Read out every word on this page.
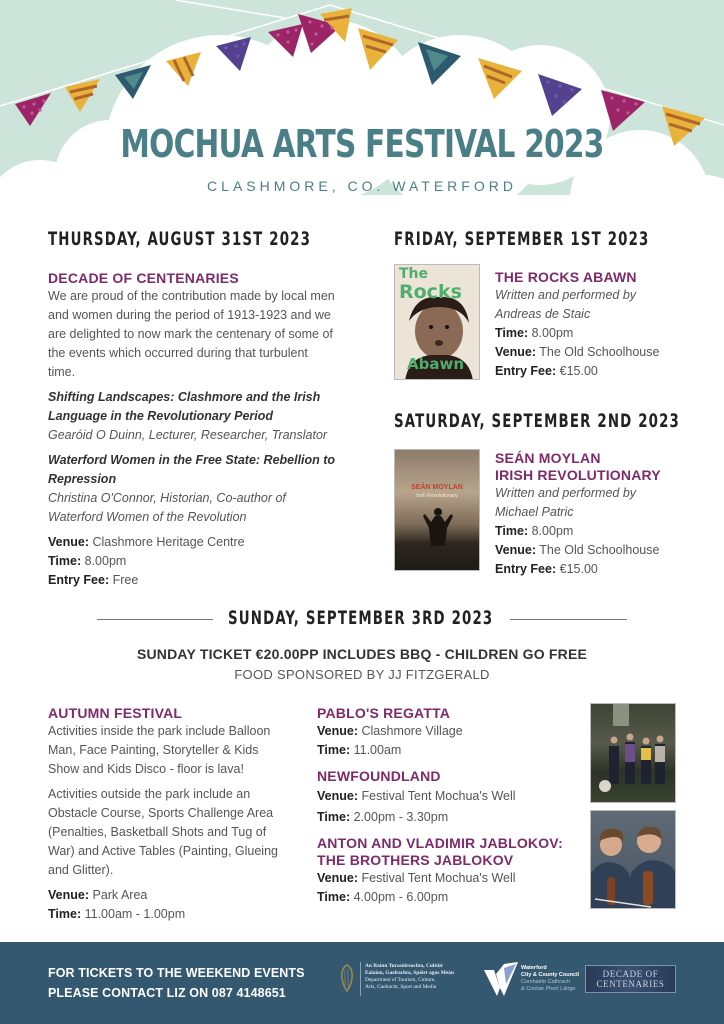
MOCHUA ARTS FESTIVAL 2023
CLASHMORE, CO. WATERFORD
THURSDAY, AUGUST 31ST 2023
DECADE OF CENTENARIES
We are proud of the contribution made by local men and women during the period of 1913-1923 and we are delighted to now mark the centenary of some of the events which occurred during that turbulent time.
Shifting Landscapes: Clashmore and the Irish Language in the Revolutionary Period
Gearóid O Duinn, Lecturer, Researcher, Translator
Waterford Women in the Free State: Rebellion to Repression
Christina O'Connor, Historian, Co-author of Waterford Women of the Revolution
Venue: Clashmore Heritage Centre
Time: 8.00pm
Entry Fee: Free
FRIDAY, SEPTEMBER 1ST 2023
The
Rocks
Abawn
THE ROCKS ABAWN
Written and performed by
Andreas de Staic
Time: 8.00pm
Venue: The Old Schoolhouse
Entry Fee: €15.00
SATURDAY, SEPTEMBER 2ND 2023
SEÁN MOYLAN
Irish Revolutionary
SEÁN MOYLAN
IRISH REVOLUTIONARY
Written and performed by
Michael Patric
Time: 8.00pm
Venue: The Old Schoolhouse
Entry Fee: €15.00
SUNDAY, SEPTEMBER 3RD 2023
SUNDAY TICKET €20.00PP INCLUDES BBQ - CHILDREN GO FREE
FOOD SPONSORED BY JJ FITZGERALD
AUTUMN FESTIVAL
Activities inside the park include Balloon Man, Face Painting, Storyteller & Kids Show and Kids Disco - floor is lava!
Activities outside the park include an Obstacle Course, Sports Challenge Area (Penalties, Basketball Shots and Tug of War) and Active Tables (Painting, Glueing and Glitter).
Venue: Park Area
Time: 11.00am - 1.00pm
PABLO'S REGATTA
Venue: Clashmore Village
Time: 11.00am
NEWFOUNDLAND
Venue: Festival Tent Mochua's Well
Time: 2.00pm - 3.30pm
ANTON AND VLADIMIR JABLOKOV:
THE BROTHERS JABLOKOV
Venue: Festival Tent Mochua's Well
Time: 4.00pm - 6.00pm
FOR TICKETS TO THE WEEKEND EVENTS
PLEASE CONTACT LIZ ON 087 4148651
An Roinn Turasóireachta, Cultúir
Ealaíon, Gaeltachta, Spóirt agus Meán
Department of Tourism, Culture,
Arts, Gaeltacht, Sport and Media
Waterford
City & County Council
Comhairle Cathrach
& Contae Phort Láirge
DECADE OF
CENTENARIES
